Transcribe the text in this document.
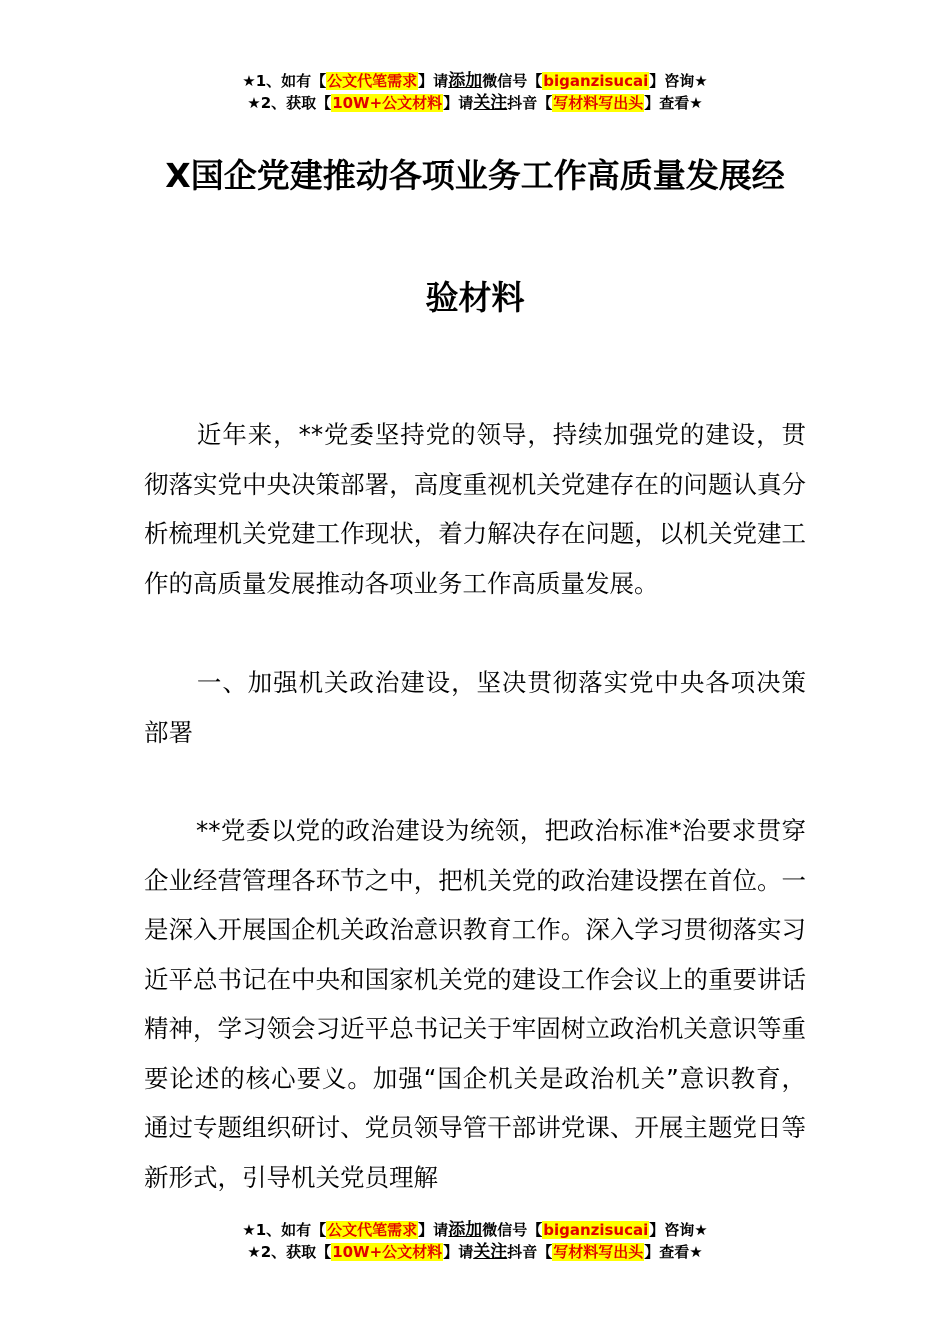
★1、如有【公文代笔需求】请添加微信号【biganzisucai】咨询★
★2、获取【10W+公文材料】请关注抖音【写材料写出头】查看★
X国企党建推动各项业务工作高质量发展经
验材料
近年来，**党委坚持党的领导，持续加强党的建设，贯彻落实党中央决策部署，高度重视机关党建存在的问题认真分析梳理机关党建工作现状，着力解决存在问题，以机关党建工作的高质量发展推动各项业务工作高质量发展。
一、加强机关政治建设，坚决贯彻落实党中央各项决策部署
**党委以党的政治建设为统领，把政治标准*治要求贯穿企业经营管理各环节之中，把机关党的政治建设摆在首位。一是深入开展国企机关政治意识教育工作。深入学习贯彻落实习近平总书记在中央和国家机关党的建设工作会议上的重要讲话精神，学习领会习近平总书记关于牢固树立政治机关意识等重要论述的核心要义。加强“国企机关是政治机关”意识教育，通过专题组织研讨、党员领导管干部讲党课、开展主题党日等新形式，引导机关党员理解
★1、如有【公文代笔需求】请添加微信号【biganzisucai】咨询★
★2、获取【10W+公文材料】请关注抖音【写材料写出头】查看★
